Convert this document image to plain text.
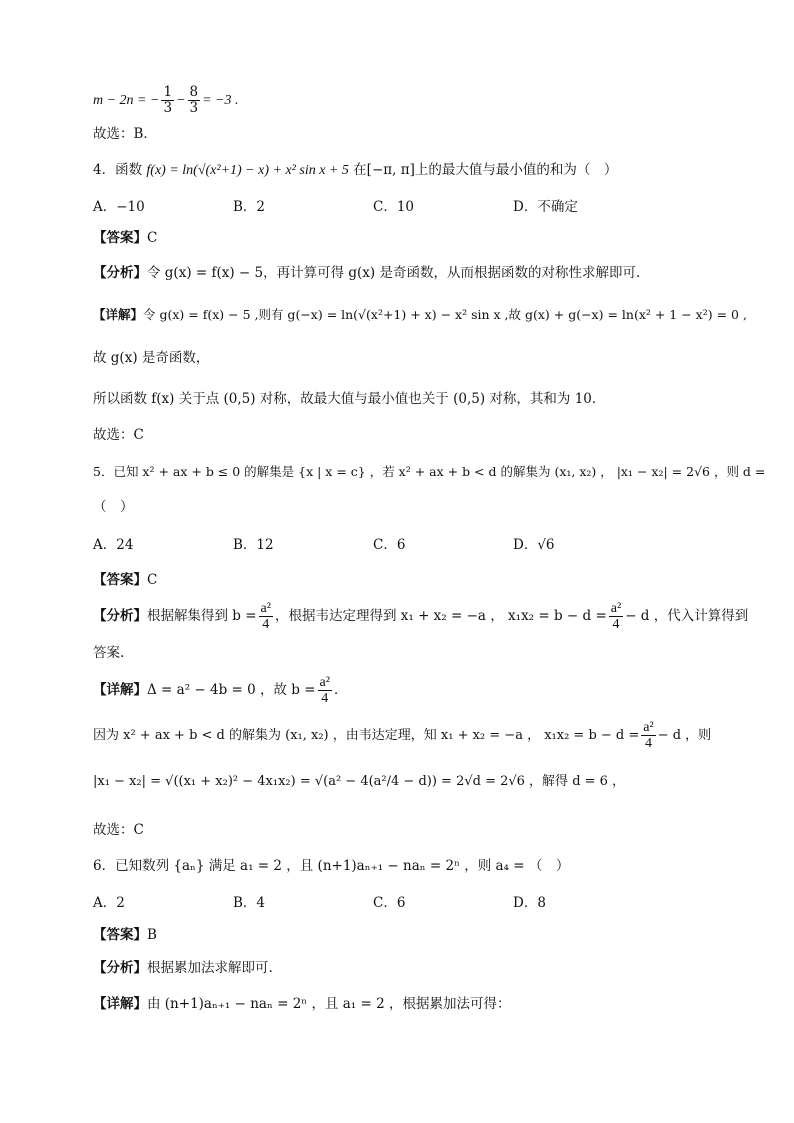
m − 2n = − $\frac{1}{3} - \frac{8}{3} = -3$ .
故选：B．
4．函数 f(x) = ln(√(x²+1) − x) + x² sin x + 5 在[−π, π]上的最大值与最小值的和为（　）
A．−10	B．2	C．10	D．不确定
【答案】C
【分析】令 g(x) = f(x) − 5，再计算可得 g(x) 是奇函数，从而根据函数的对称性求解即可.
【详解】令 g(x) = f(x) − 5 ,则有 g(−x) = ln(√(x²+1) + x) − x² sin x ,故 g(x) + g(−x) = ln(x² + 1 − x²) = 0 ,
故 g(x) 是奇函数，
所以函数 f(x) 关于点 (0,5) 对称，故最大值与最小值也关于 (0,5) 对称，其和为 10．
故选：C
5．已知 x² + ax + b ≤ 0 的解集是 {x | x = c} ，若 x² + ax + b < d 的解集为 (x₁, x₂) ， |x₁ − x₂| = 2√6 ，则 d =
（　）
A．24	B．12	C．6	D．√6
【答案】C
【分析】根据解集得到 $b = \frac{\text{a²}}{4}$ ，根据韦达定理得到 x₁ + x₂ = −a ， $x_1x_2 = b - d = \frac{\text{a²}}{4} - d$ ，代入计算得到
答案.
【详解】Δ = a² − 4b = 0 ，故 $b = \frac{\text{a²}}{4}$ ．
因为 x² + ax + b < d 的解集为 (x₁, x₂) ，由韦达定理，知 x₁ + x₂ = −a ， $x_1x_2 = b - d = \frac{\text{a²}}{4} - d$ ，则
|x₁ − x₂| = √((x₁ + x₂)² − 4x₁x₂) = √(a² − 4(a²/4 − d)) = 2√d = 2√6 ，解得 d = 6 ，
故选：C
6．已知数列 {aₙ} 满足 a₁ = 2 ，且 (n+1)aₙ₊₁ − naₙ = 2ⁿ ，则 a₄ = （　）
A．2	B．4	C．6	D．8
【答案】B
【分析】根据累加法求解即可.
【详解】由 (n+1)aₙ₊₁ − naₙ = 2ⁿ ，且 a₁ = 2 ，根据累加法可得：
